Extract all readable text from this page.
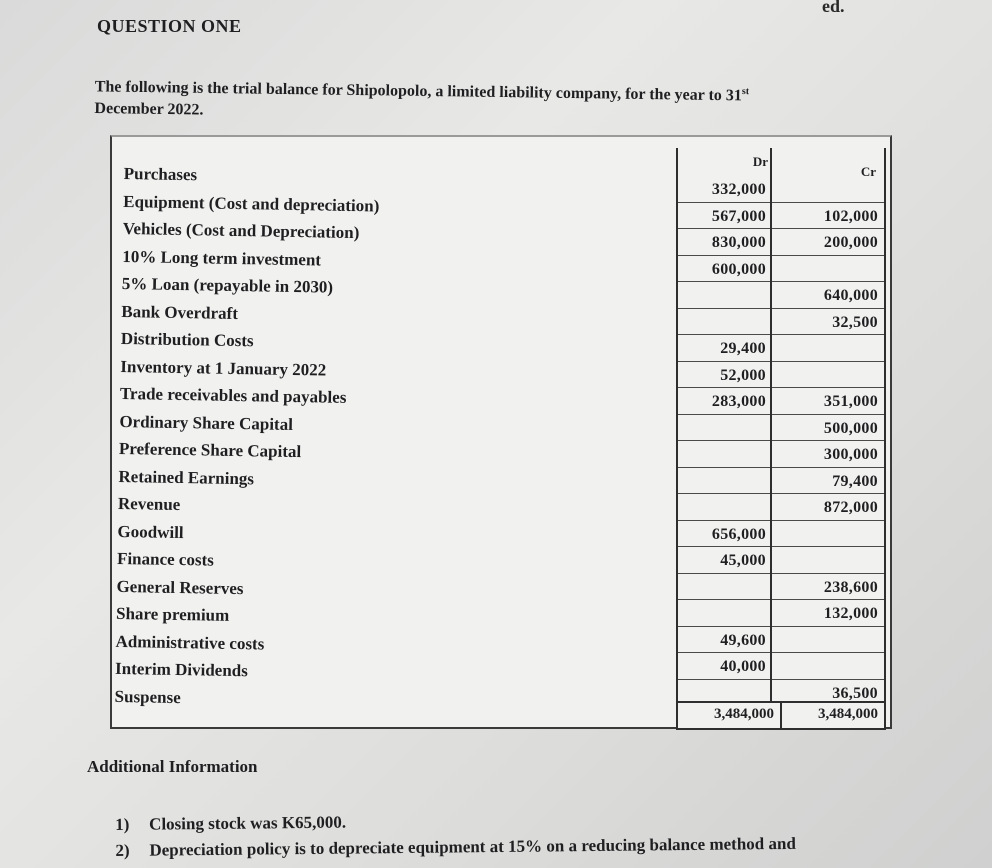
ed.
QUESTION ONE
The following is the trial balance for Shipolopolo, a limited liability company, for the year to 31st
December 2022.
Purchases
Equipment (Cost and depreciation)
Vehicles (Cost and Depreciation)
10% Long term investment
5% Loan (repayable in 2030)
Bank Overdraft
Distribution Costs
Inventory at 1 January 2022
Trade receivables and payables
Ordinary Share Capital
Preference Share Capital
Retained Earnings
Revenue
Goodwill
Finance costs
General Reserves
Share premium
Administrative costs
Interim Dividends
Suspense
Dr
332,000
567,000
830,000
600,000
29,400
52,000
283,000
656,000
45,000
49,600
40,000
Cr
102,000
200,000
640,000
32,500
351,000
500,000
300,000
79,400
872,000
238,600
132,000
36,500
3,484,000	3,484,000
Additional Information
1) Closing stock was K65,000.
2) Depreciation policy is to depreciate equipment at 15% on a reducing balance method and
